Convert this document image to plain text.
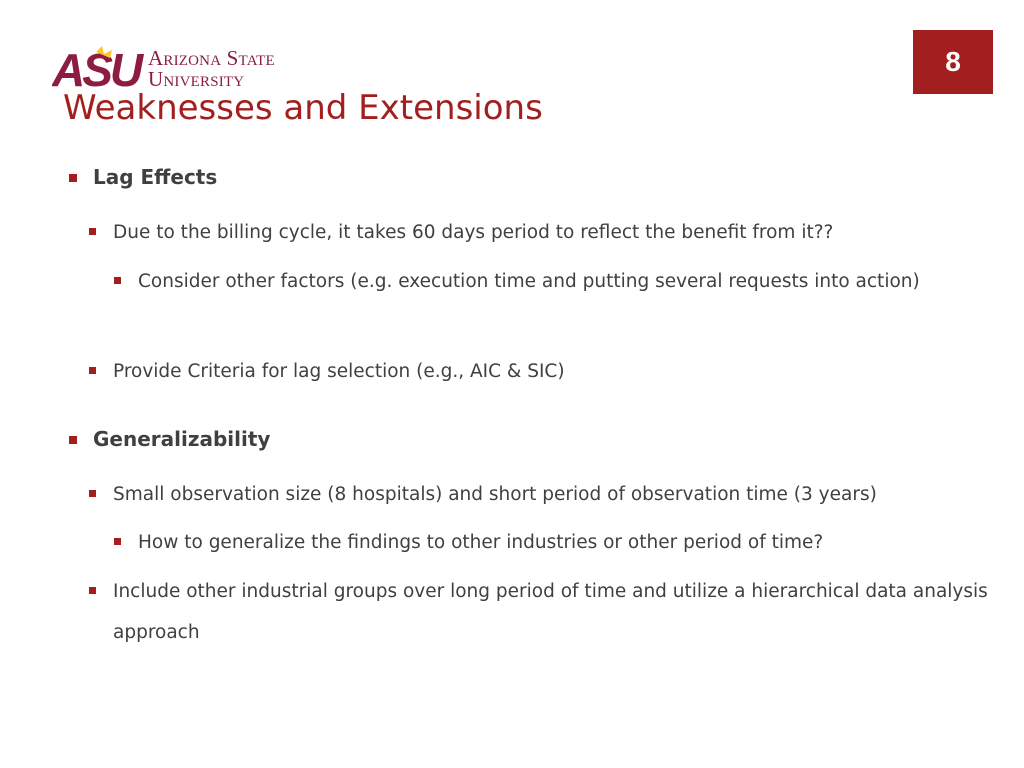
ASU Arizona State
University
8
Weaknesses and Extensions
Lag Effects
Due to the billing cycle, it takes 60 days period to reflect the benefit from it??
Consider other factors (e.g. execution time and putting several requests into action)
Provide Criteria for lag selection (e.g., AIC & SIC)
Generalizability
Small observation size (8 hospitals) and short period of observation time (3 years)
How to generalize the findings to other industries or other period of time?
Include other industrial groups over long period of time and utilize a hierarchical data analysis approach
